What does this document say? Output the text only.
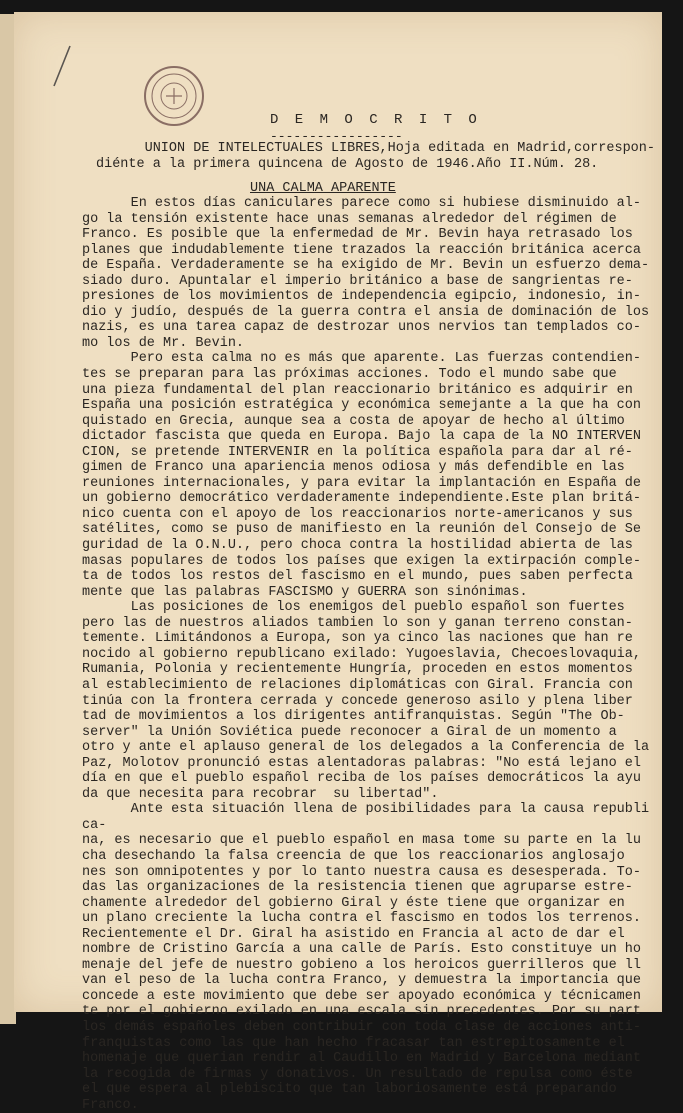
D E M O C R I T O
-----------------
UNION DE INTELECTUALES LIBRES,Hoja editada en Madrid,correspon-
diénte a la primera quincena de Agosto de 1946.Año II.Núm. 28.
UNA CALMA APARENTE
En estos días caniculares parece como si hubiese disminuido al-
go la tensión existente hace unas semanas alrededor del régimen de
Franco. Es posible que la enfermedad de Mr. Bevin haya retrasado los
planes que indudablemente tiene trazados la reacción británica acerca
de España. Verdaderamente se ha exigido de Mr. Bevin un esfuerzo dema-
siado duro. Apuntalar el imperio británico a base de sangrientas re-
presiones de los movimientos de independencia egipcio, indonesio, in-
dio y judío, después de la guerra contra el ansia de dominación de los
nazis, es una tarea capaz de destrozar unos nervios tan templados co-
mo los de Mr. Bevin.
Pero esta calma no es más que aparente. Las fuerzas contendien-
tes se preparan para las próximas acciones. Todo el mundo sabe que
una pieza fundamental del plan reaccionario británico es adquirir en
España una posición estratégica y económica semejante a la que ha con
quistado en Grecia, aunque sea a costa de apoyar de hecho al último
dictador fascista que queda en Europa. Bajo la capa de la NO INTERVEN
CION, se pretende INTERVENIR en la política española para dar al ré-
gimen de Franco una apariencia menos odiosa y más defendible en las
reuniones internacionales, y para evitar la implantación en España de
un gobierno democrático verdaderamente independiente.Este plan britá-
nico cuenta con el apoyo de los reaccionarios norte-americanos y sus
satélites, como se puso de manifiesto en la reunión del Consejo de Se
guridad de la O.N.U., pero choca contra la hostilidad abierta de las
masas populares de todos los países que exigen la extirpación comple-
ta de todos los restos del fascismo en el mundo, pues saben perfecta
mente que las palabras FASCISMO y GUERRA son sinónimas.
Las posiciones de los enemigos del pueblo español son fuertes
pero las de nuestros aliados tambien lo son y ganan terreno constan-
temente. Limitándonos a Europa, son ya cinco las naciones que han re
nocido al gobierno republicano exilado: Yugoeslavia, Checoeslovaquia,
Rumania, Polonia y recientemente Hungría, proceden en estos momentos
al establecimiento de relaciones diplomáticas con Giral. Francia con
tinúa con la frontera cerrada y concede generoso asilo y plena liber
tad de movimientos a los dirigentes antifranquistas. Según "The Ob-
server" la Unión Soviética puede reconocer a Giral de un momento a
otro y ante el aplauso general de los delegados a la Conferencia de la
Paz, Molotov pronunció estas alentadoras palabras: "No está lejano el
día en que el pueblo español reciba de los países democráticos la ayu
da que necesita para recobrar  su libertad".
Ante esta situación llena de posibilidades para la causa republi
ca-
na, es necesario que el pueblo español en masa tome su parte en la lu
cha desechando la falsa creencia de que los reaccionarios anglosajo
nes son omnipotentes y por lo tanto nuestra causa es desesperada. To-
das las organizaciones de la resistencia tienen que agruparse estre-
chamente alrededor del gobierno Giral y éste tiene que organizar en
un plano creciente la lucha contra el fascismo en todos los terrenos.
Recientemente el Dr. Giral ha asistido en Francia al acto de dar el
nombre de Cristino García a una calle de París. Esto constituye un ho
menaje del jefe de nuestro gobieno a los heroicos guerrilleros que ll
van el peso de la lucha contra Franco, y demuestra la importancia que
concede a este movimiento que debe ser apoyado económica y técnicamen
te por el gobierno exilado en una escala sin precedentes. Por su part
los demás españoles deben contribuir con toda clase de acciones anti-
franquistas como las que han hecho fracasar tan estrepitosamente el
homenaje que querian rendir al Caudillo en Madrid y Barcelona mediant
la recogida de firmas y donativos. Un resultado de repulsa como éste
el que espera al plebiscito que tan laboriosamente está preparando
Franco.
